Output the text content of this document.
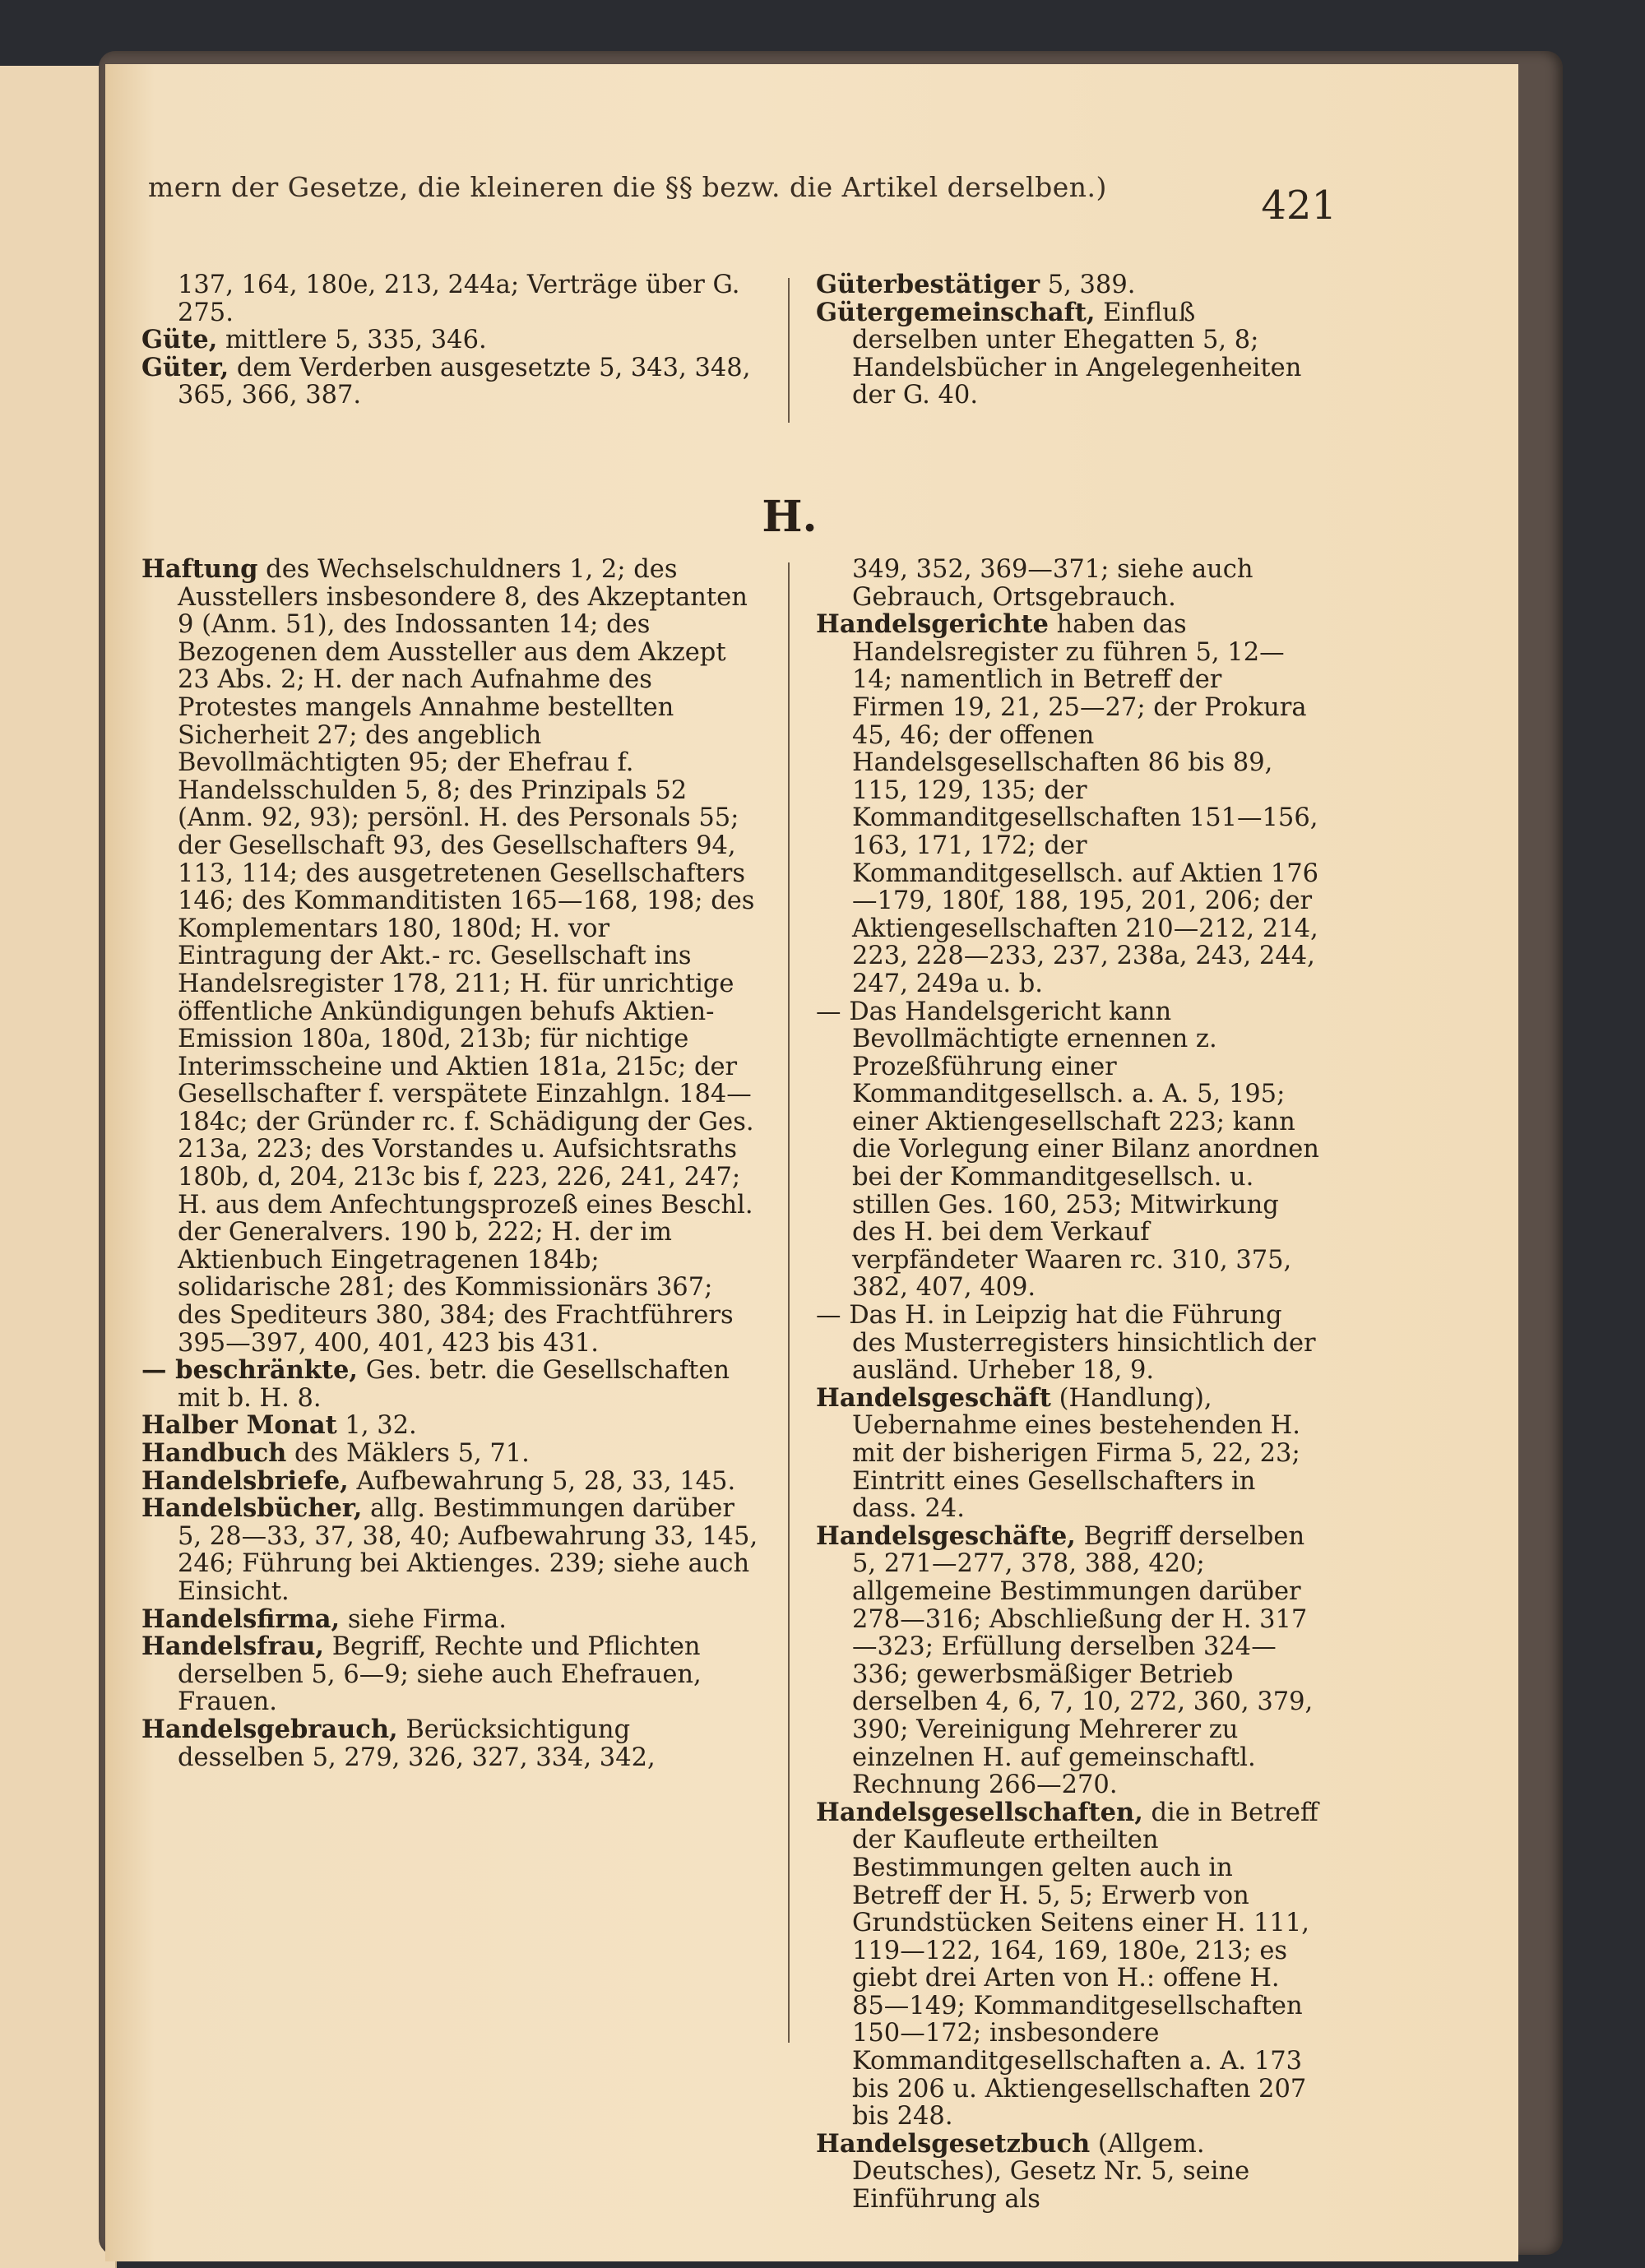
mern der Gesetze, die kleineren die §§ bezw. die Artikel derselben.)	421

137, 164, 180e, 213, 244a; Verträge über G. 275.

Güte, mittlere 5, 335, 346.

Güter, dem Verderben ausgesetzte 5, 343, 348, 365, 366, 387.

Güterbestätiger 5, 389.

Gütergemeinschaft, Einfluß derselben unter Ehegatten 5, 8; Handelsbücher in Angelegenheiten der G. 40.

H.

Haftung des Wechselschuldners 1, 2; des Ausstellers insbesondere 8, des Akzeptanten 9 (Anm. 51), des Indossanten 14; des Bezogenen dem Aussteller aus dem Akzept 23 Abs. 2; H. der nach Aufnahme des Protestes mangels Annahme bestellten Sicherheit 27; des angeblich Bevollmächtigten 95; der Ehefrau f. Handelsschulden 5, 8; des Prinzipals 52 (Anm. 92, 93); persönl. H. des Personals 55; der Gesellschaft 93, des Gesellschafters 94, 113, 114; des ausgetretenen Gesellschafters 146; des Kommanditisten 165—168, 198; des Komplementars 180, 180d; H. vor Eintragung der Akt.- rc. Gesellschaft ins Handelsregister 178, 211; H. für unrichtige öffentliche Ankündigungen behufs Aktien-Emission 180a, 180d, 213b; für nichtige Interimsscheine und Aktien 181a, 215c; der Gesellschafter f. verspätete Einzahlgn. 184—184c; der Gründer rc. f. Schädigung der Ges. 213a, 223; des Vorstandes u. Aufsichtsraths 180b, d, 204, 213c bis f, 223, 226, 241, 247; H. aus dem Anfechtungsprozeß eines Beschl. der Generalvers. 190 b, 222; H. der im Aktienbuch Eingetragenen 184b; solidarische 281; des Kommissionärs 367; des Spediteurs 380, 384; des Frachtführers 395—397, 400, 401, 423 bis 431.

— beschränkte, Ges. betr. die Gesellschaften mit b. H. 8.

Halber Monat 1, 32.

Handbuch des Mäklers 5, 71.

Handelsbriefe, Aufbewahrung 5, 28, 33, 145.

Handelsbücher, allg. Bestimmungen darüber 5, 28—33, 37, 38, 40; Aufbewahrung 33, 145, 246; Führung bei Aktienges. 239; siehe auch Einsicht.

Handelsfirma, siehe Firma.

Handelsfrau, Begriff, Rechte und Pflichten derselben 5, 6—9; siehe auch Ehefrauen, Frauen.

Handelsgebrauch, Berücksichtigung desselben 5, 279, 326, 327, 334, 342,

349, 352, 369—371; siehe auch Gebrauch, Ortsgebrauch.

Handelsgerichte haben das Handelsregister zu führen 5, 12—14; namentlich in Betreff der Firmen 19, 21, 25—27; der Prokura 45, 46; der offenen Handelsgesellschaften 86 bis 89, 115, 129, 135; der Kommanditgesellschaften 151—156, 163, 171, 172; der Kommanditgesellsch. auf Aktien 176—179, 180f, 188, 195, 201, 206; der Aktiengesellschaften 210—212, 214, 223, 228—233, 237, 238a, 243, 244, 247, 249a u. b.

— Das Handelsgericht kann Bevollmächtigte ernennen z. Prozeßführung einer Kommanditgesellsch. a. A. 5, 195; einer Aktiengesellschaft 223; kann die Vorlegung einer Bilanz anordnen bei der Kommanditgesellsch. u. stillen Ges. 160, 253; Mitwirkung des H. bei dem Verkauf verpfändeter Waaren rc. 310, 375, 382, 407, 409.

— Das H. in Leipzig hat die Führung des Musterregisters hinsichtlich der ausländ. Urheber 18, 9.

Handelsgeschäft (Handlung), Uebernahme eines bestehenden H. mit der bisherigen Firma 5, 22, 23; Eintritt eines Gesellschafters in dass. 24.

Handelsgeschäfte, Begriff derselben 5, 271—277, 378, 388, 420; allgemeine Bestimmungen darüber 278—316; Abschließung der H. 317—323; Erfüllung derselben 324—336; gewerbsmäßiger Betrieb derselben 4, 6, 7, 10, 272, 360, 379, 390; Vereinigung Mehrerer zu einzelnen H. auf gemeinschaftl. Rechnung 266—270.

Handelsgesellschaften, die in Betreff der Kaufleute ertheilten Bestimmungen gelten auch in Betreff der H. 5, 5; Erwerb von Grundstücken Seitens einer H. 111, 119—122, 164, 169, 180e, 213; es giebt drei Arten von H.: offene H. 85—149; Kommanditgesellschaften 150—172; insbesondere Kommanditgesellschaften a. A. 173 bis 206 u. Aktiengesellschaften 207 bis 248.

Handelsgesetzbuch (Allgem. Deutsches), Gesetz Nr. 5, seine Einführung als
